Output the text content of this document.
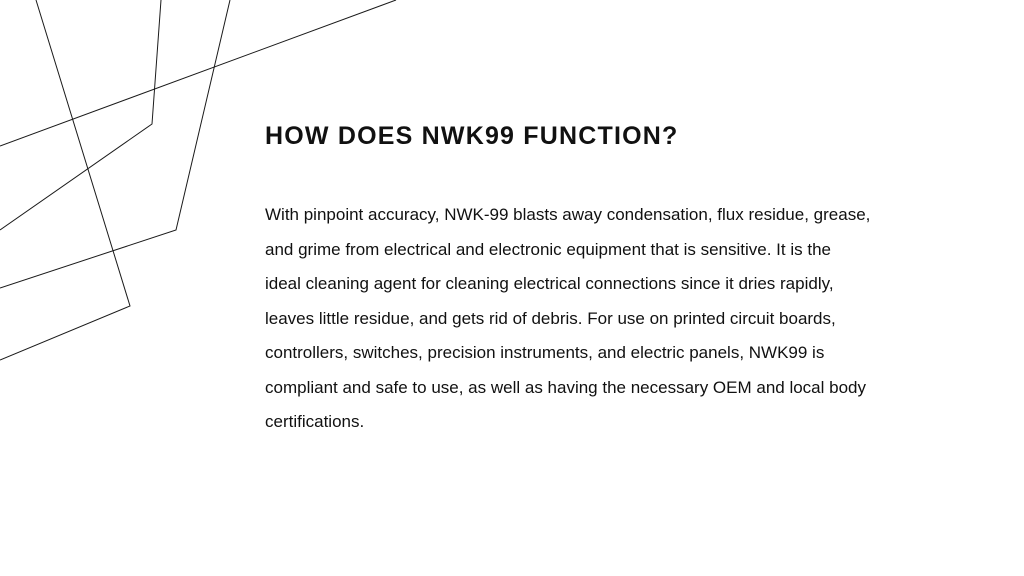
HOW DOES NWK99 FUNCTION?

With pinpoint accuracy, NWK-99 blasts away condensation, flux residue, grease,
and grime from electrical and electronic equipment that is sensitive. It is the
ideal cleaning agent for cleaning electrical connections since it dries rapidly,
leaves little residue, and gets rid of debris. For use on printed circuit boards,
controllers, switches, precision instruments, and electric panels, NWK99 is
compliant and safe to use, as well as having the necessary OEM and local body
certifications.
